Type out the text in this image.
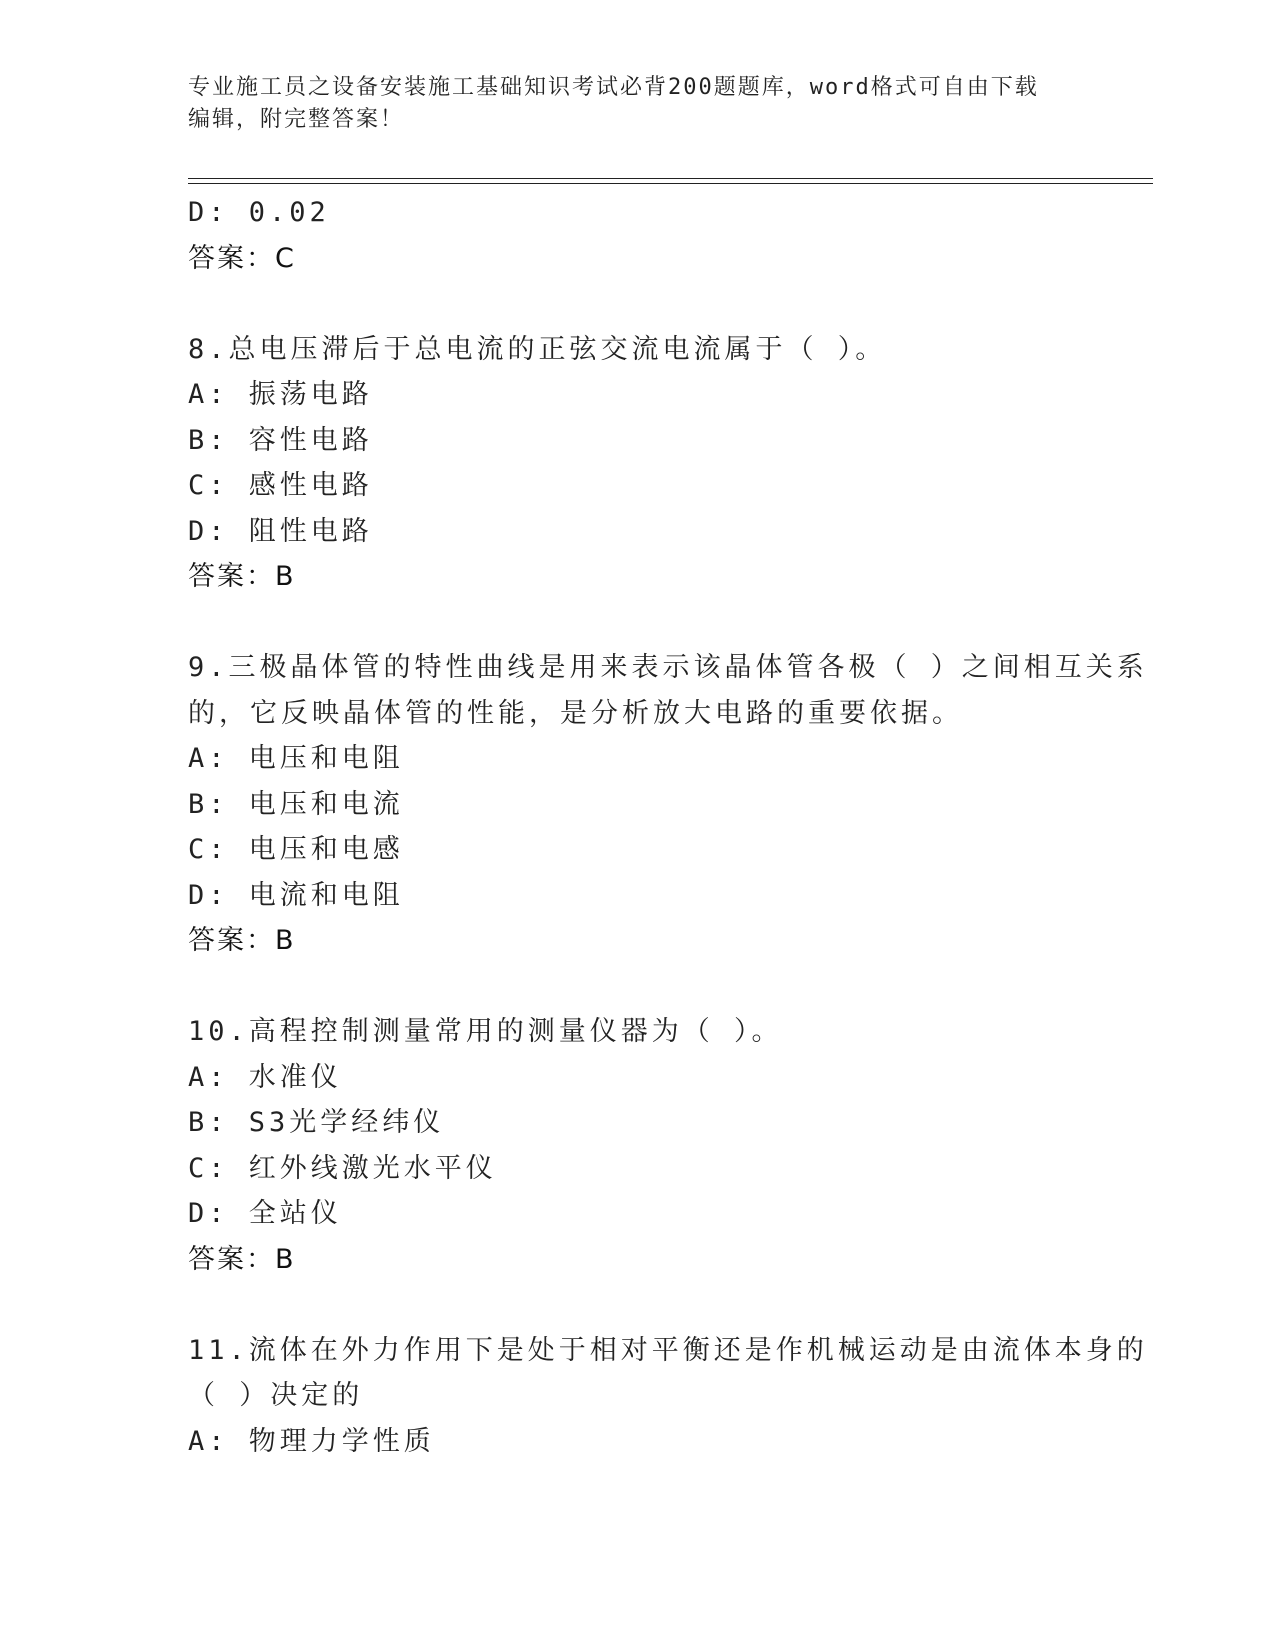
专业施工员之设备安装施工基础知识考试必背200题题库，word格式可自由下载
编辑，附完整答案！
D: 0.02
答案：C
8.总电压滞后于总电流的正弦交流电流属于（ ）。
A: 振荡电路
B: 容性电路
C: 感性电路
D: 阻性电路
答案：B
9.三极晶体管的特性曲线是用来表示该晶体管各极（ ）之间相互关系
的，它反映晶体管的性能，是分析放大电路的重要依据。
A: 电压和电阻
B: 电压和电流
C: 电压和电感
D: 电流和电阻
答案：B
10.高程控制测量常用的测量仪器为（ ）。
A: 水准仪
B: S3光学经纬仪
C: 红外线激光水平仪
D: 全站仪
答案：B
11.流体在外力作用下是处于相对平衡还是作机械运动是由流体本身的
（ ）决定的
A: 物理力学性质
